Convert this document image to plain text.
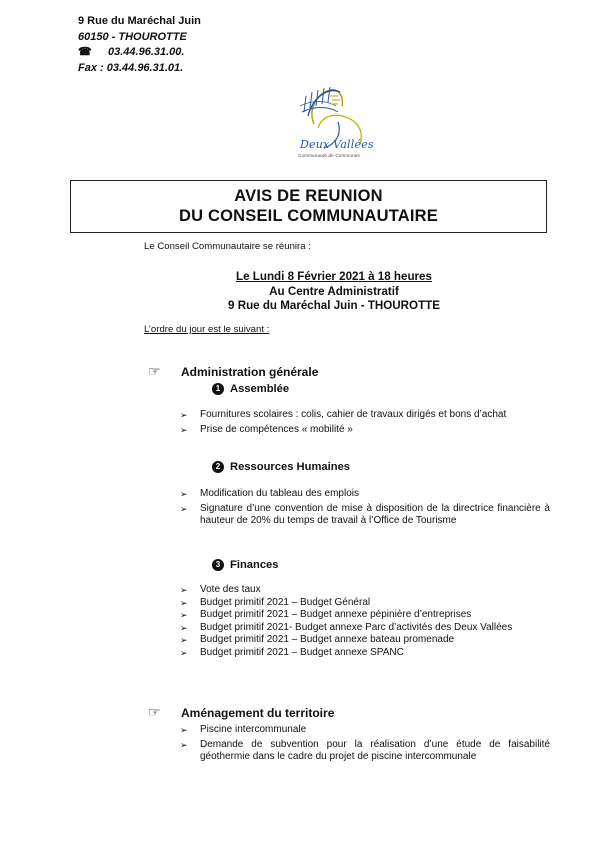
9 Rue du Maréchal Juin
60150 - THOUROTTE
☎	03.44.96.31.00.
Fax : 03.44.96.31.01.
Deux Vallées
Communauté de Communes
AVIS DE REUNION
DU CONSEIL COMMUNAUTAIRE
Le Conseil Communautaire se réunira :
Le Lundi 8 Février 2021 à 18 heures
Au Centre Administratif
9 Rue du Maréchal Juin - THOUROTTE
L’ordre du jour est le suivant :
☞	Administration générale
1 Assemblée
➢	Fournitures scolaires : colis, cahier de travaux dirigés et bons d’achat
➢	Prise de compétences « mobilité »
2 Ressources Humaines
➢	Modification du tableau des emplois
➢	Signature d’une convention de mise à disposition de la directrice financière à hauteur de 20% du temps de travail à l’Office de Tourisme
3 Finances
➢	Vote des taux
➢	Budget primitif 2021 – Budget Général
➢	Budget primitif 2021 – Budget annexe pépinière d’entreprises
➢	Budget primitif 2021- Budget annexe Parc d’activités des Deux Vallées
➢	Budget primitif 2021 – Budget annexe bateau promenade
➢	Budget primitif 2021 – Budget annexe SPANC
☞	Aménagement du territoire
➢	Piscine intercommunale
➢	Demande de subvention pour la réalisation d’une étude de faisabilité géothermie dans le cadre du projet de piscine intercommunale
